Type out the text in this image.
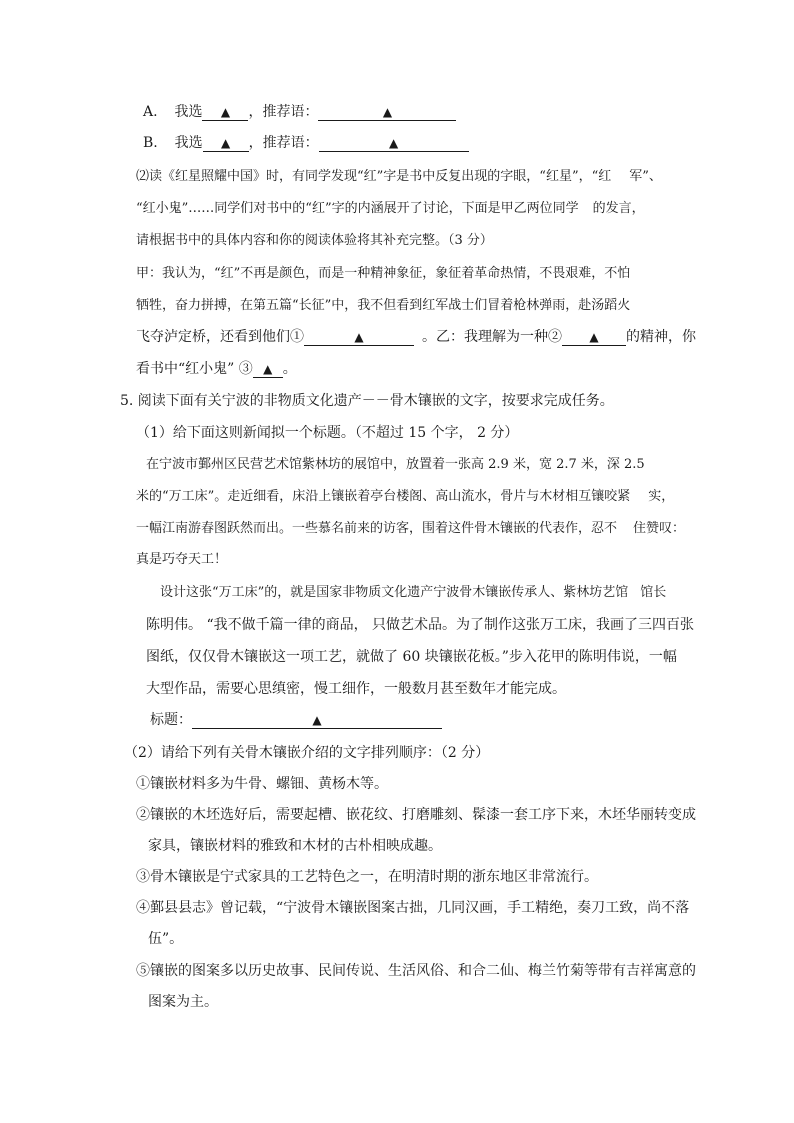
A. 我选 ▲ ，推荐语：	▲
B. 我选 ▲ ，推荐语：	▲
⑵读《红星照耀中国》时，有同学发现“红”字是书中反复出现的字眼，“红星”，“红 军”、
“红小鬼”……同学们对书中的“红”字的内涵展开了讨论，下面是甲乙两位同学 的发言，
请根据书中的具体内容和你的阅读体验将其补充完整。（3 分）
甲：我认为，“红”不再是颜色，而是一种精神象征，象征着革命热情，不畏艰难，不怕
牺牲，奋力拼搏，在第五篇“长征”中，我不但看到红军战士们冒着枪林弹雨，赴汤蹈火
飞夺泸定桥，还看到他们①	▲	。乙：我理解为一种② ▲ 的精神，你
看书中“红小鬼” ③ ▲ 。
5. 阅读下面有关宁波的非物质文化遗产－－骨木镶嵌的文字，按要求完成任务。
（1）给下面这则新闻拟一个标题。（不超过 15 个字， 2 分）
在宁波市鄞州区民营艺术馆紫林坊的展馆中，放置着一张高 2.9 米，宽 2.7 米，深 2.5
米的“万工床”。走近细看，床沿上镶嵌着亭台楼阁、高山流水，骨片与木材相互镶咬紧 实，
一幅江南游春图跃然而出。一些慕名前来的访客，围着这件骨木镶嵌的代表作，忍不 住赞叹：
真是巧夺天工！
设计这张“万工床”的，就是国家非物质文化遗产宁波骨木镶嵌传承人、紫林坊艺馆 馆长
陈明伟。 “我不做千篇一律的商品， 只做艺术品。为了制作这张万工床，我画了三四百张
图纸，仅仅骨木镶嵌这一项工艺，就做了 60 块镶嵌花板。”步入花甲的陈明伟说，一幅
大型作品，需要心思缜密，慢工细作，一般数月甚至数年才能完成。
标题：	▲
（2）请给下列有关骨木镶嵌介绍的文字排列顺序：（2 分）
①镶嵌材料多为牛骨、螺钿、黄杨木等。
②镶嵌的木坯选好后，需要起槽、嵌花纹、打磨雕刻、髹漆一套工序下来，木坯华丽转变成
家具，镶嵌材料的雅致和木材的古朴相映成趣。
③骨木镶嵌是宁式家具的工艺特色之一，在明清时期的浙东地区非常流行。
④鄞县县志》曾记载，“宁波骨木镶嵌图案古拙，几同汉画，手工精绝，奏刀工致，尚不落
伍”。
⑤镶嵌的图案多以历史故事、民间传说、生活风俗、和合二仙、梅兰竹菊等带有吉祥寓意的
图案为主。
